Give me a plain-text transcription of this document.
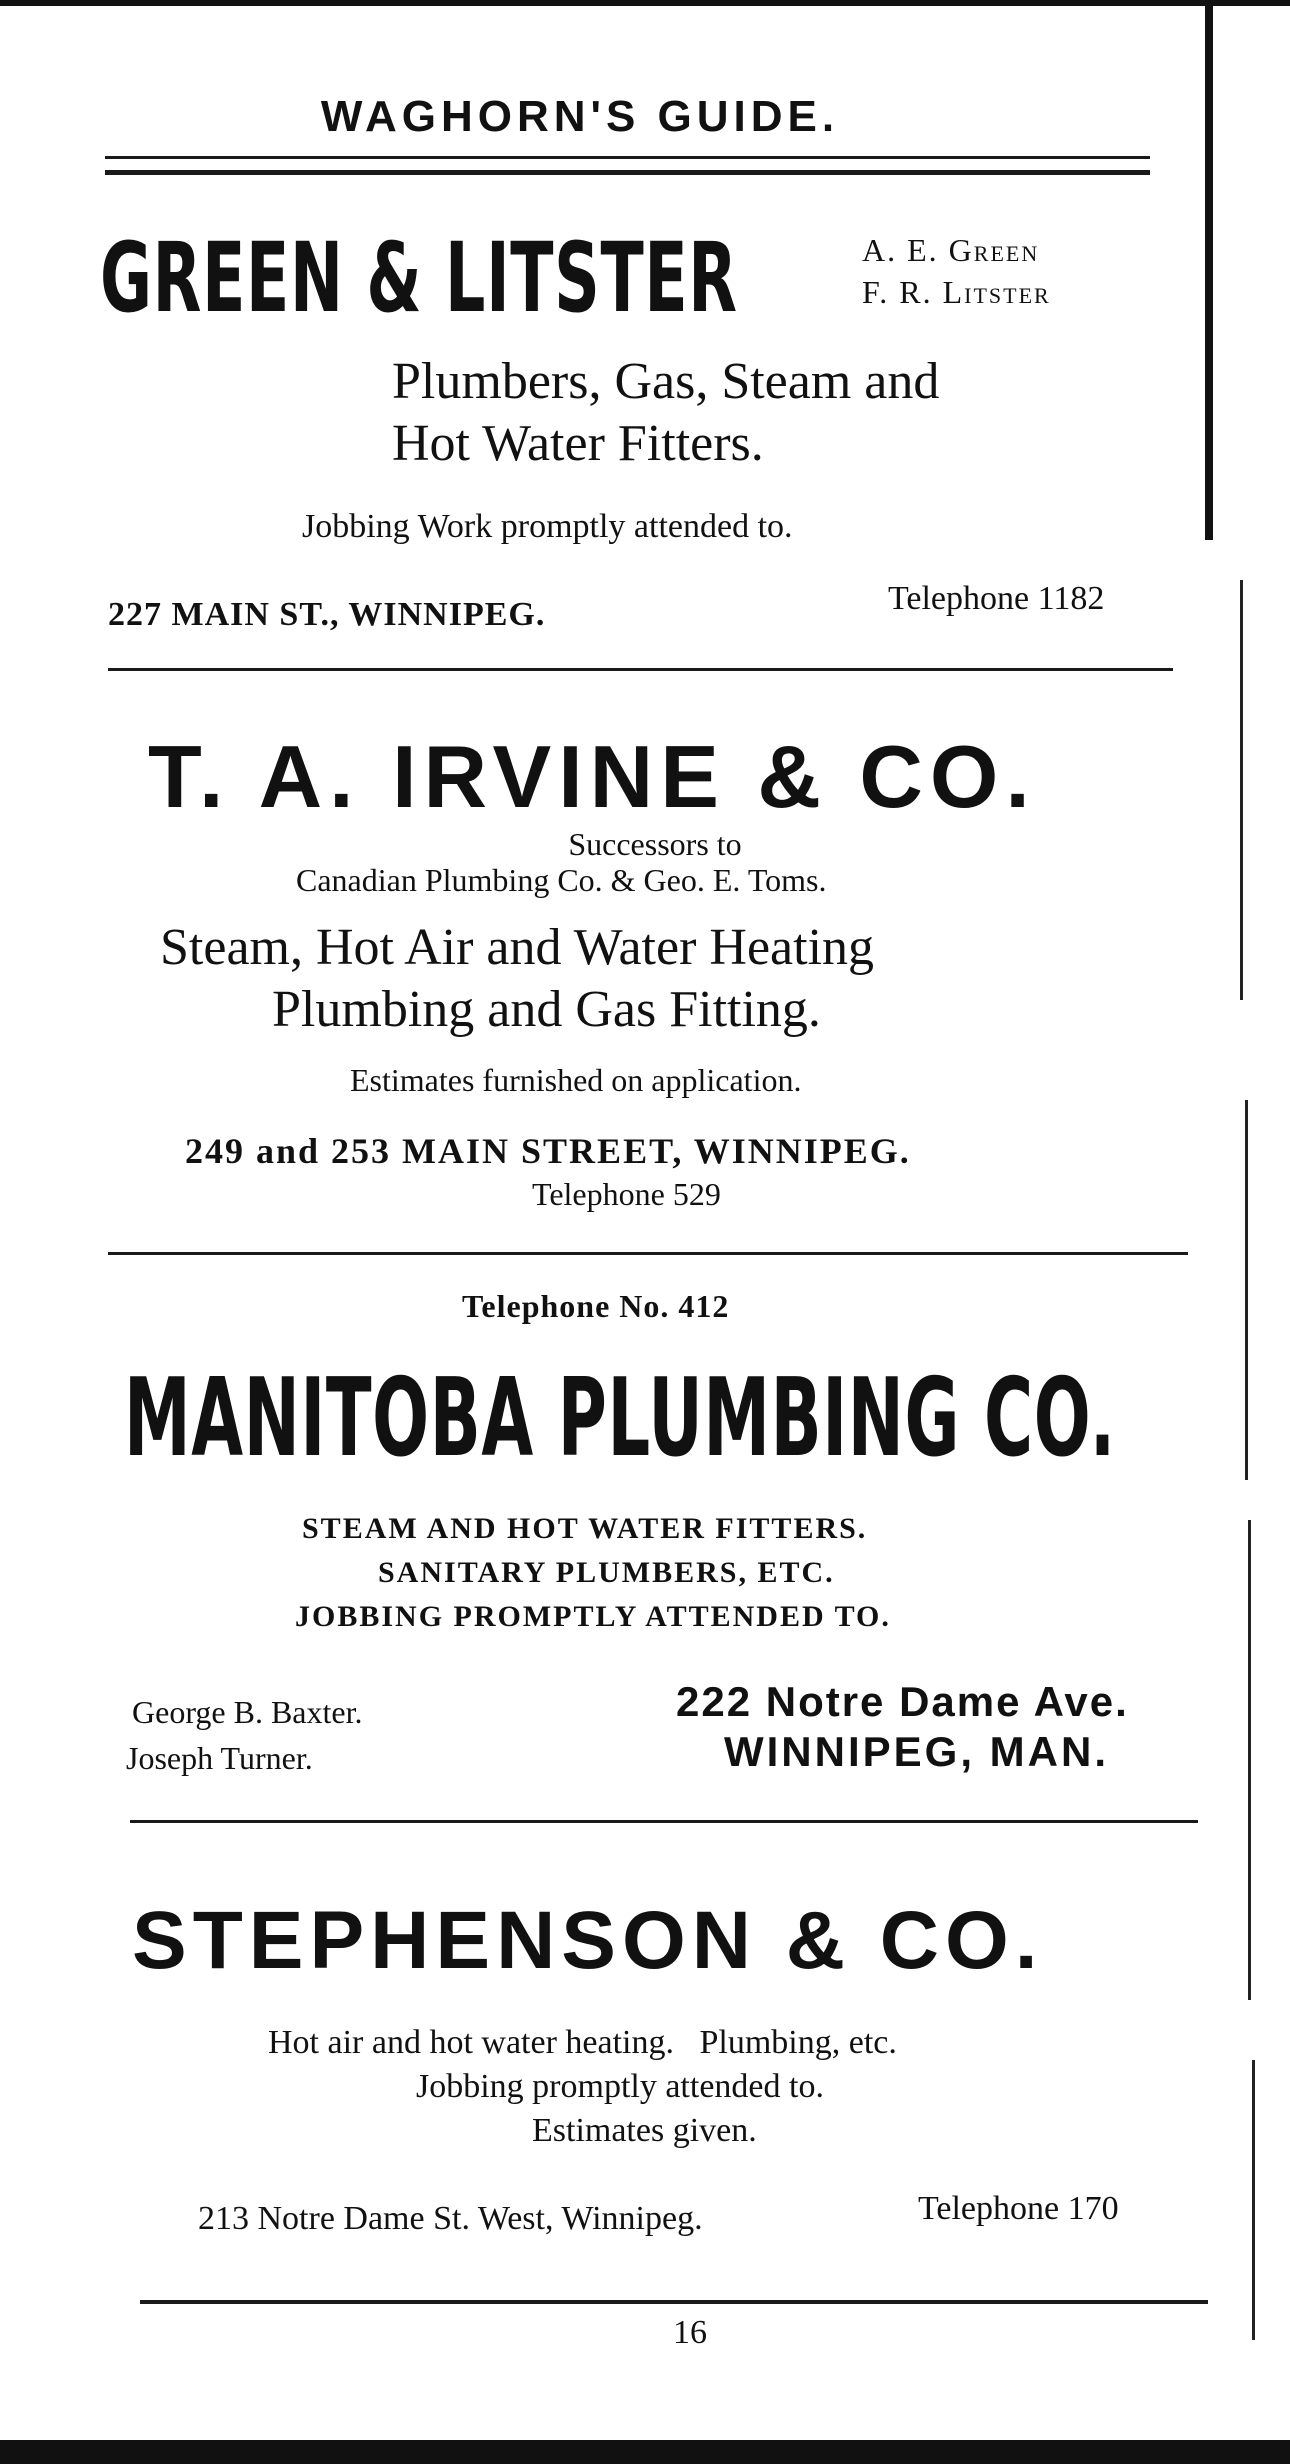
WAGHORN'S GUIDE.
GREEN & LITSTER	A. E. Green
F. R. Litster
Plumbers, Gas, Steam and
Hot Water Fitters.
Jobbing Work promptly attended to.
227 MAIN ST., WINNIPEG.	Telephone 1182
T. A. IRVINE & CO.
Successors to
Canadian Plumbing Co. & Geo. E. Toms.
Steam, Hot Air and Water Heating
Plumbing and Gas Fitting.
Estimates furnished on application.
249 and 253 MAIN STREET, WINNIPEG.
Telephone 529
Telephone No. 412
MANITOBA PLUMBING CO.
STEAM AND HOT WATER FITTERS.
SANITARY PLUMBERS, ETC.
JOBBING PROMPTLY ATTENDED TO.
George B. Baxter.
Joseph Turner.
222 Notre Dame Ave.
WINNIPEG, MAN.
STEPHENSON & CO.
Hot air and hot water heating.   Plumbing, etc.
Jobbing promptly attended to.
Estimates given.
213 Notre Dame St. West, Winnipeg.	Telephone 170
16
